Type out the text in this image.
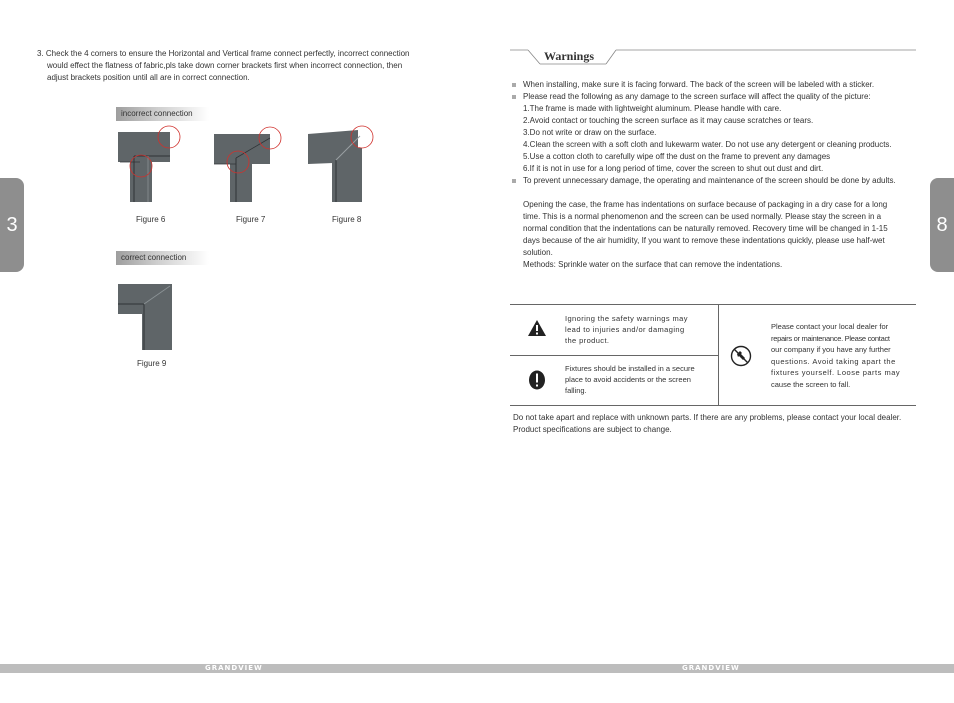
3	8
3. Check the 4 corners to ensure the Horizontal and Vertical frame connect perfectly, incorrect connection
would effect the flatness of fabric,pls take down corner brackets first when incorrect connection, then
adjust brackets position until all are in correct connection.
incorrect connection
Figure 6	Figure 7	Figure 8
correct connection
Figure 9
Warnings
When installing, make sure it is facing forward. The back of the screen will be labeled with a sticker.
Please read the following as any damage to the screen surface will affect the quality of the picture:
1.The frame is made with lightweight aluminum. Please handle with care.
2.Avoid contact or touching the screen surface as it may cause scratches or tears.
3.Do not write or draw on the surface.
4.Clean the screen with a soft cloth and lukewarm water. Do not use any detergent or cleaning products.
5.Use a cotton cloth to carefully wipe off the dust on the frame to prevent any damages
6.If it is not in use for a long period of time, cover the screen to shut out dust and dirt.
To prevent unnecessary damage, the operating and maintenance of the screen should be done by adults.
Opening the case, the frame has indentations on surface because of packaging in a dry case for a long
time. This is a normal phenomenon and the screen can be used normally. Please stay the screen in a
normal condition that the indentations can be naturally removed. Recovery time will be changed in 1-15
days because of the air humidity, If you want to remove these indentations quickly, please use half-wet
solution.
Methods: Sprinkle water on the surface that can remove the indentations.
Ignoring the safety warnings may
lead to injuries and/or damaging
the product.
Fixtures should be installed in a secure
place to avoid accidents or the screen
falling.
Please contact your local dealer for
repairs or maintenance. Please contact
our company if you have any further
questions. Avoid taking apart the
fixtures yourself. Loose parts may
cause the screen to fall.
Do not take apart and replace with unknown parts. If there are any problems, please contact your local dealer.
Product specifications are subject to change.
GRANDVIEW	GRANDVIEW
